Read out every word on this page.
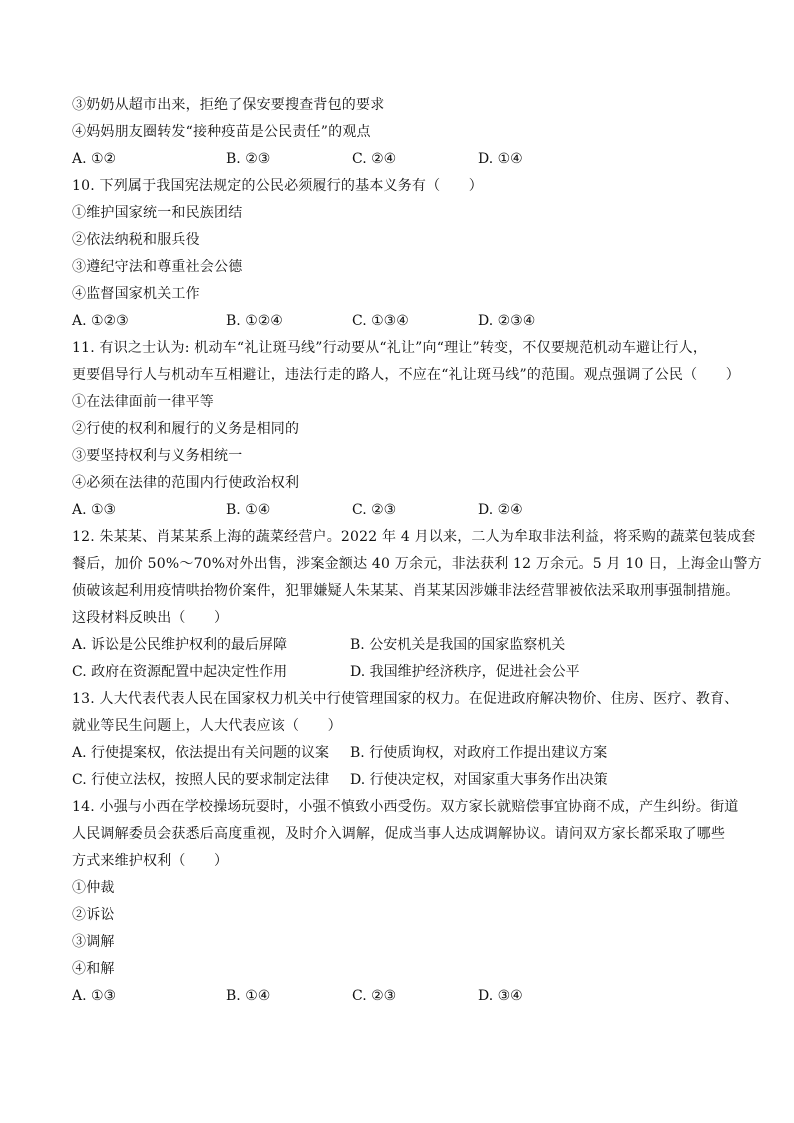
③奶奶从超市出来，拒绝了保安要搜查背包的要求
④妈妈朋友圈转发“接种疫苗是公民责任”的观点
A. ①②	B. ②③	C. ②④	D. ①④
10. 下列属于我国宪法规定的公民必须履行的基本义务有（　　）
①维护国家统一和民族团结
②依法纳税和服兵役
③遵纪守法和尊重社会公德
④监督国家机关工作
A. ①②③	B. ①②④	C. ①③④	D. ②③④
11. 有识之士认为: 机动车“礼让斑马线”行动要从“礼让”向“理让”转变，不仅要规范机动车避让行人，
更要倡导行人与机动车互相避让，违法行走的路人，不应在“礼让斑马线”的范围。观点强调了公民（　　）
①在法律面前一律平等
②行使的权利和履行的义务是相同的
③要坚持权利与义务相统一
④必须在法律的范围内行使政治权利
A. ①③	B. ①④	C. ②③	D. ②④
12. 朱某某、肖某某系上海的蔬菜经营户。2022 年 4 月以来，二人为牟取非法利益，将采购的蔬菜包装成套
餐后，加价 50%～70%对外出售，涉案金额达 40 万余元，非法获利 12 万余元。5 月 10 日，上海金山警方
侦破该起利用疫情哄抬物价案件，犯罪嫌疑人朱某某、肖某某因涉嫌非法经营罪被依法采取刑事强制措施。
这段材料反映出（　　）
A. 诉讼是公民维护权利的最后屏障	B. 公安机关是我国的国家监察机关
C. 政府在资源配置中起决定性作用	D. 我国维护经济秩序，促进社会公平
13. 人大代表代表人民在国家权力机关中行使管理国家的权力。在促进政府解决物价、住房、医疗、教育、
就业等民生问题上，人大代表应该（　　）
A. 行使提案权，依法提出有关问题的议案	B. 行使质询权，对政府工作提出建议方案
C. 行使立法权，按照人民的要求制定法律	D. 行使决定权，对国家重大事务作出决策
14. 小强与小西在学校操场玩耍时，小强不慎致小西受伤。双方家长就赔偿事宜协商不成，产生纠纷。街道
人民调解委员会获悉后高度重视，及时介入调解，促成当事人达成调解协议。请问双方家长都采取了哪些
方式来维护权利（　　）
①仲裁
②诉讼
③调解
④和解
A. ①③	B. ①④	C. ②③	D. ③④
